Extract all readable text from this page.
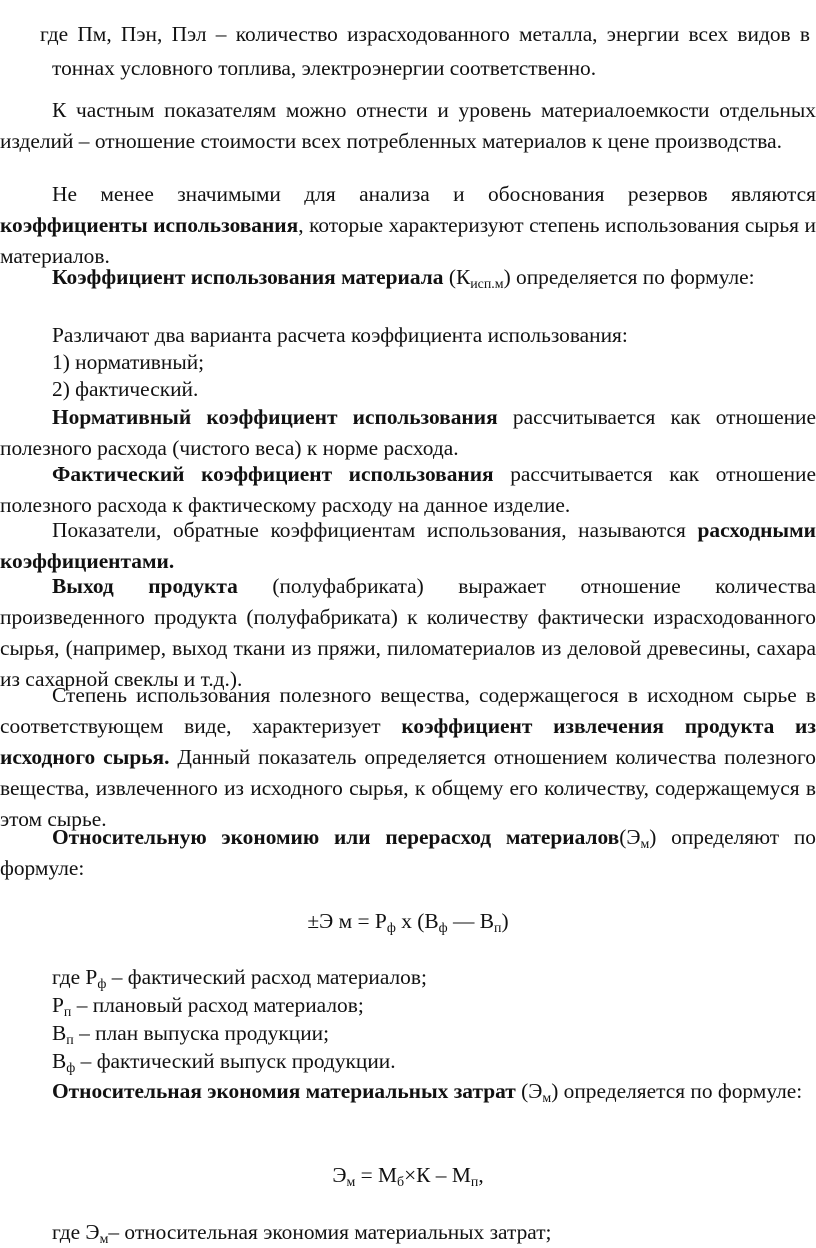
где Пм, Пэн, Пэл – количество израсходованного металла, энергии всех видов в тоннах условного топлива, электроэнергии соответственно.

К частным показателям можно отнести и уровень материалоемкости отдельных изделий – отношение стоимости всех потребленных материалов к цене производства.

Не менее значимыми для анализа и обоснования резервов являются коэффициенты использования, которые характеризуют степень использования сырья и материалов.

Коэффициент использования материала $(К_{исп.м})$ определяется по формуле:

Различают два варианта расчета коэффициента использования:

1) нормативный;

2) фактический.

Нормативный коэффициент использования рассчитывается как отношение полезного расхода (чистого веса) к норме расхода.

Фактический коэффициент использования рассчитывается как отношение полезного расхода к фактическому расходу на данное изделие.

Показатели, обратные коэффициентам использования, называются расходными коэффициентами.

Выход продукта (полуфабриката) выражает отношение количества произведенного продукта (полуфабриката) к количеству фактически израсходованного сырья, (например, выход ткани из пряжи, пиломатериалов из деловой древесины, сахара из сахарной свеклы и т.д.).

Степень использования полезного вещества, содержащегося в исходном сырье в соответствующем виде, характеризует коэффициент извлечения продукта из исходного сырья. Данный показатель определяется отношением количества полезного вещества, извлеченного из исходного сырья, к общему его количеству, содержащемуся в этом сырье.

Относительную экономию или перерасход $материалов(Э_м)$ определяют по формуле:

±Э $м = Р_ф$ х ($В_ф$ — $В_п$)

где $Р_ф$ – фактический расход материалов;

$Р_п$ – плановый расход материалов;

$В_п$ – план выпуска продукции;

$В_ф$ – фактический выпуск продукции.

Относительная экономия материальных затрат $(Э_м)$ определяется по формуле:

$Э_м = М_б\times К - М_п$,

где $Э_м-$ относительная экономия материальных затрат;
